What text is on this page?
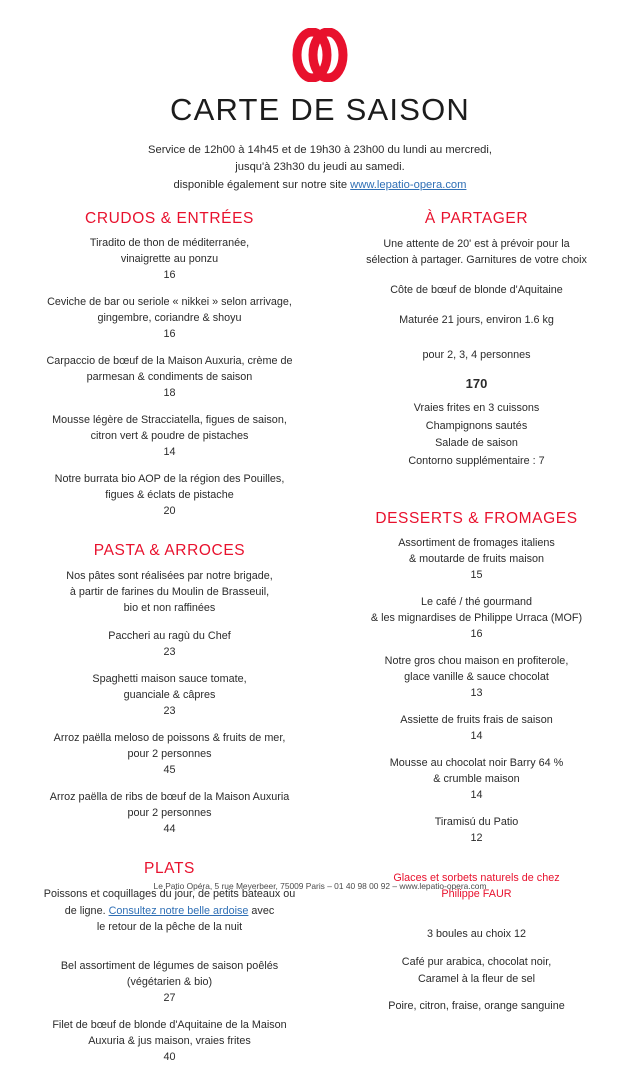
CARTE DE SAISON
Service de 12h00 à 14h45 et de 19h30 à 23h00 du lundi au mercredi,
jusqu'à 23h30 du jeudi au samedi.
disponible également sur notre site www.lepatio-opera.com
CRUDOS & ENTRÉES
Tiradito de thon de méditerranée,
vinaigrette au ponzu
16
Ceviche de bar ou seriole « nikkei » selon arrivage,
gingembre, coriandre & shoyu
16
Carpaccio de bœuf de la Maison Auxuria, crème de
parmesan & condiments de saison
18
Mousse légère de Stracciatella, figues de saison,
citron vert & poudre de pistaches
14
Notre burrata bio AOP de la région des Pouilles,
figues & éclats de pistache
20
PASTA & ARROCES
Nos pâtes sont réalisées par notre brigade,
à partir de farines du Moulin de Brasseuil,
bio et non raffinées
Paccheri au ragù du Chef
23
Spaghetti maison sauce tomate,
guanciale & câpres
23
Arroz paëlla meloso de poissons & fruits de mer,
pour 2 personnes
45
Arroz paëlla de ribs de bœuf de la Maison Auxuria
pour 2 personnes
44
PLATS
Poissons et coquillages du jour, de petits bateaux ou
de ligne. Consultez notre belle ardoise avec
le retour de la pêche de la nuit
Bel assortiment de légumes de saison poêlés
(végétarien & bio)
27
Filet de bœuf de blonde d'Aquitaine de la Maison
Auxuria & jus maison, vraies frites
40
À PARTAGER
Une attente de 20' est à prévoir pour la
sélection à partager. Garnitures de votre choix
Côte de bœuf de blonde d'Aquitaine
Maturée 21 jours, environ 1.6 kg

pour 2, 3, 4 personnes
170
Vraies frites en 3 cuissons
Champignons sautés
Salade de saison
Contorno supplémentaire : 7
DESSERTS & FROMAGES
Assortiment de fromages italiens
& moutarde de fruits maison
15
Le café / thé gourmand
& les mignardises de Philippe Urraca (MOF)
16
Notre gros chou maison en profiterole,
glace vanille & sauce chocolat
13
Assiette de fruits frais de saison
14
Mousse au chocolat noir Barry 64 %
& crumble maison
14
Tiramisú du Patio
12
Glaces et sorbets naturels de chez
Philippe FAUR
3 boules au choix 12
Café pur arabica, chocolat noir,
Caramel à la fleur de sel
Poire, citron, fraise, orange sanguine
Le Patio Opéra, 5 rue Meyerbeer, 75009 Paris – 01 40 98 00 92 – www.lepatio-opera.com
